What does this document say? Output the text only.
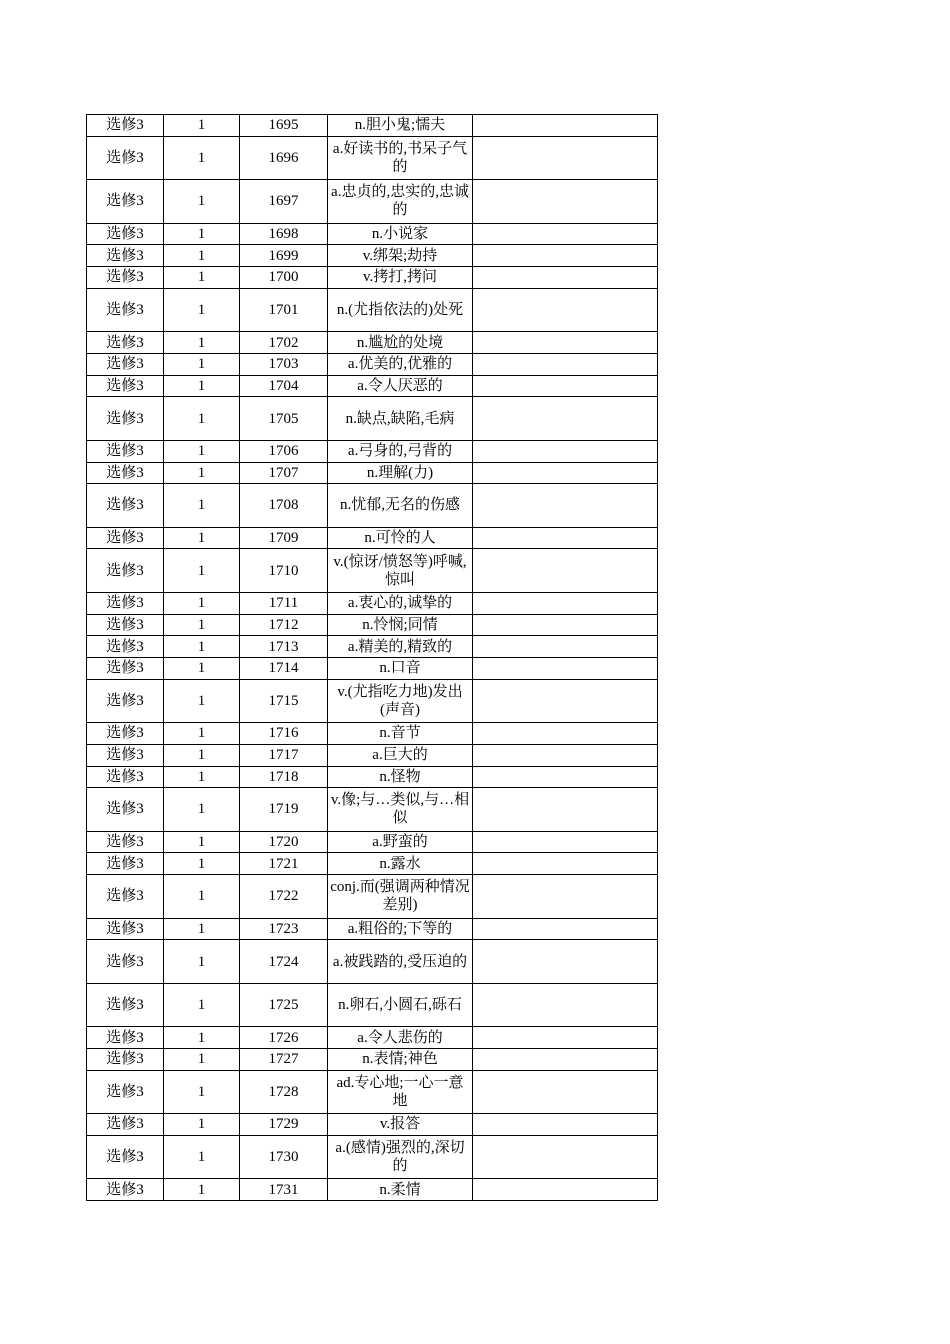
选修3	1	1695	n.胆小鬼;懦夫	
选修3	1	1696	a.好读书的,书呆子气的	
选修3	1	1697	a.忠贞的,忠实的,忠诚的	
选修3	1	1698	n.小说家	
选修3	1	1699	v.绑架;劫持	
选修3	1	1700	v.拷打,拷问	
选修3	1	1701	n.(尤指依法的)处死	
选修3	1	1702	n.尴尬的处境	
选修3	1	1703	a.优美的,优雅的	
选修3	1	1704	a.令人厌恶的	
选修3	1	1705	n.缺点,缺陷,毛病	
选修3	1	1706	a.弓身的,弓背的	
选修3	1	1707	n.理解(力)	
选修3	1	1708	n.忧郁,无名的伤感	
选修3	1	1709	n.可怜的人	
选修3	1	1710	v.(惊讶/愤怒等)呼喊,惊叫	
选修3	1	1711	a.衷心的,诚挚的	
选修3	1	1712	n.怜悯;同情	
选修3	1	1713	a.精美的,精致的	
选修3	1	1714	n.口音	
选修3	1	1715	v.(尤指吃力地)发出(声音)	
选修3	1	1716	n.音节	
选修3	1	1717	a.巨大的	
选修3	1	1718	n.怪物	
选修3	1	1719	v.像;与…类似,与…相似	
选修3	1	1720	a.野蛮的	
选修3	1	1721	n.露水	
选修3	1	1722	conj.而(强调两种情况差别)	
选修3	1	1723	a.粗俗的;下等的	
选修3	1	1724	a.被践踏的,受压迫的	
选修3	1	1725	n.卵石,小圆石,砾石	
选修3	1	1726	a.令人悲伤的	
选修3	1	1727	n.表情;神色	
选修3	1	1728	ad.专心地;一心一意地	
选修3	1	1729	v.报答	
选修3	1	1730	a.(感情)强烈的,深切的	
选修3	1	1731	n.柔情	
